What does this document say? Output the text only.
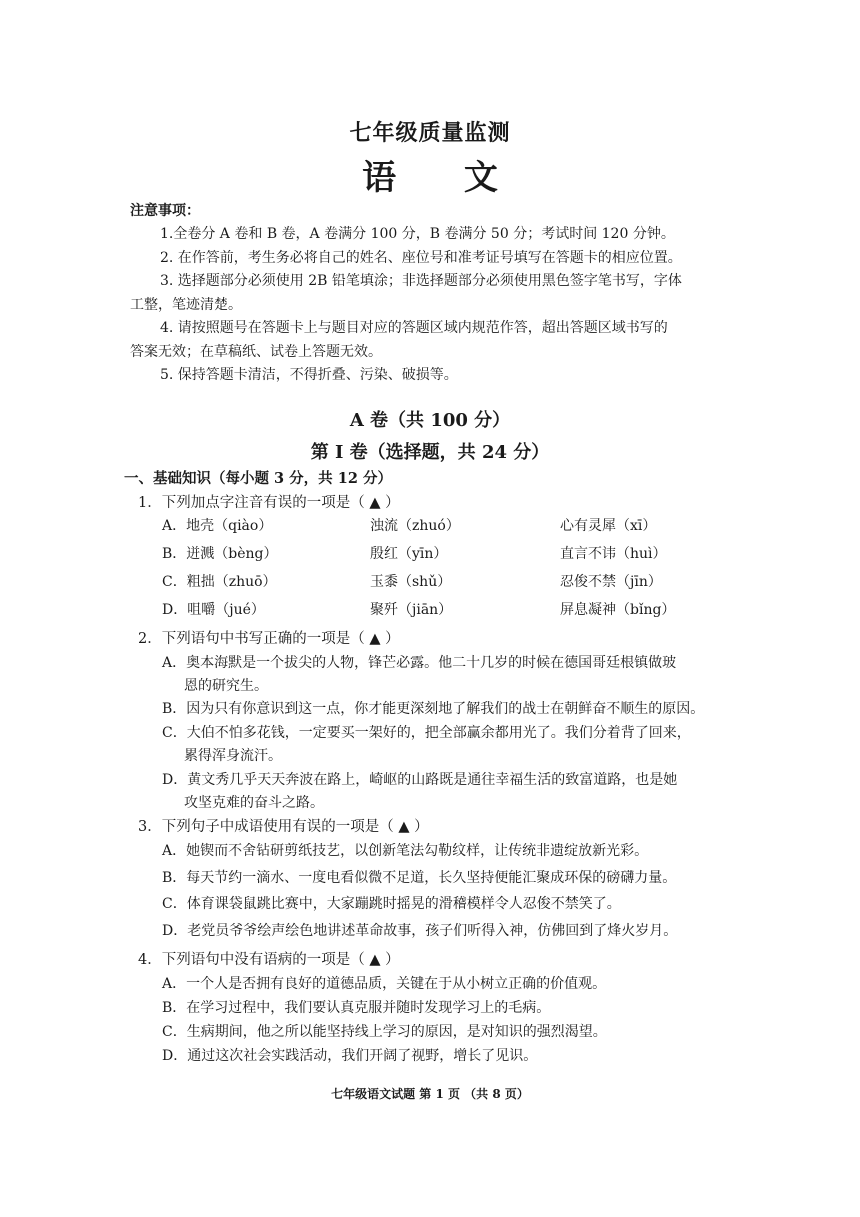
七年级质量监测
语 文
注意事项：
1.全卷分 A 卷和 B 卷，A 卷满分 100 分，B 卷满分 50 分；考试时间 120 分钟。
2. 在作答前，考生务必将自己的姓名、座位号和准考证号填写在答题卡的相应位置。
3. 选择题部分必须使用 2B 铅笔填涂；非选择题部分必须使用黑色签字笔书写，字体
工整，笔迹清楚。
4. 请按照题号在答题卡上与题目对应的答题区域内规范作答，超出答题区域书写的
答案无效；在草稿纸、试卷上答题无效。
5. 保持答题卡清洁，不得折叠、污染、破损等。
A 卷（共 100 分）
第 I 卷（选择题，共 24 分）
一、基础知识（每小题 3 分，共 12 分）
1．下列加点字注音有误的一项是（ ▲ ）
A．地壳（qiào）	浊流（zhuó）	心有灵犀（xī）
B．迸溅（bèng）	殷红（yīn）	直言不讳（huì）
C．粗拙（zhuō）	玉黍（shǔ）	忍俊不禁（jīn）
D．咀嚼（jué）	聚歼（jiān）	屏息凝神（bǐng）
2．下列语句中书写正确的一项是（ ▲ ）
A．奥本海默是一个拔尖的人物，锋芒必露。他二十几岁的时候在德国哥廷根镇做玻
恩的研究生。
B．因为只有你意识到这一点，你才能更深刻地了解我们的战士在朝鲜奋不顺生的原因。
C．大伯不怕多花钱，一定要买一架好的，把全部赢余都用光了。我们分着背了回来，
累得浑身流汗。
D．黄文秀几乎天天奔波在路上，崎岖的山路既是通往幸福生活的致富道路，也是她
攻坚克难的奋斗之路。
3．下列句子中成语使用有误的一项是（ ▲ ）
A．她锲而不舍钻研剪纸技艺，以创新笔法勾勒纹样，让传统非遗绽放新光彩。
B．每天节约一滴水、一度电看似微不足道，长久坚持便能汇聚成环保的磅礴力量。
C．体育课袋鼠跳比赛中，大家蹦跳时摇晃的滑稽模样令人忍俊不禁笑了。
D．老党员爷爷绘声绘色地讲述革命故事，孩子们听得入神，仿佛回到了烽火岁月。
4．下列语句中没有语病的一项是（ ▲ ）
A．一个人是否拥有良好的道德品质，关键在于从小树立正确的价值观。
B．在学习过程中，我们要认真克服并随时发现学习上的毛病。
C．生病期间，他之所以能坚持线上学习的原因，是对知识的强烈渴望。
D．通过这次社会实践活动，我们开阔了视野，增长了见识。
七年级语文试题 第 1 页 （共 8 页）
